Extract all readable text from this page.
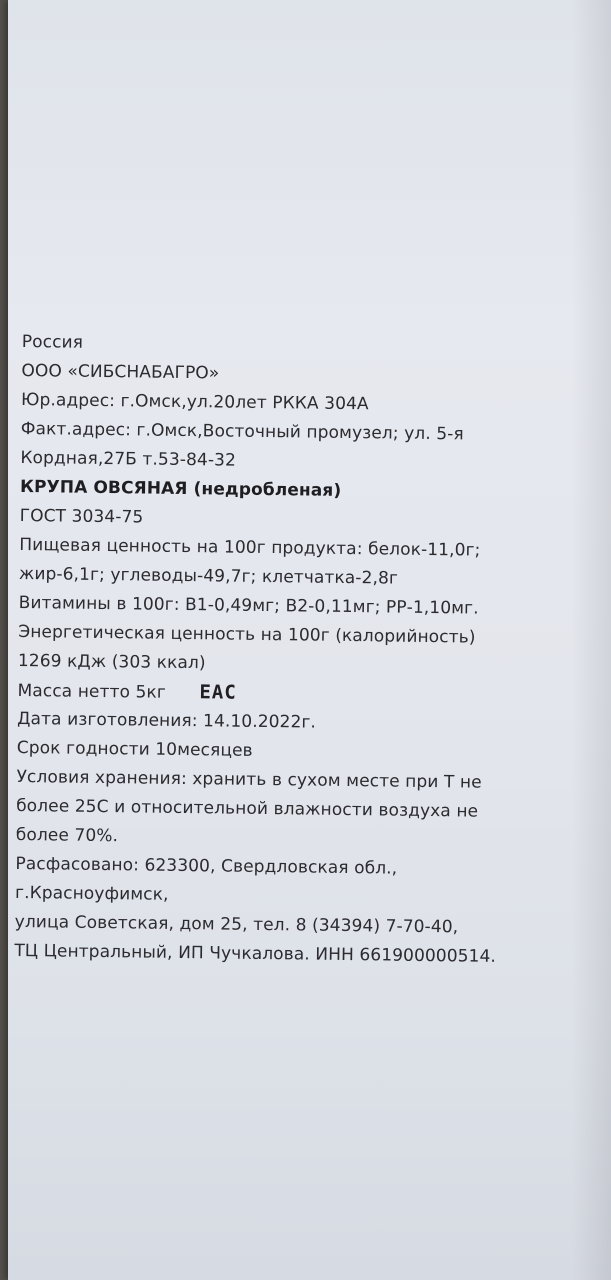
Россия
ООО «СИБСНАБАГРО»
Юр.адрес: г.Омск,ул.20лет РККА 304А
Факт.адрес: г.Омск,Восточный промузел; ул. 5-я
Кордная,27Б т.53-84-32
КРУПА ОВСЯНАЯ (недробленая)
ГОСТ 3034-75
Пищевая ценность на 100г продукта: белок-11,0г;
жир-6,1г; углеводы-49,7г; клетчатка-2,8г
Витамины в 100г: В1-0,49мг; В2-0,11мг; РР-1,10мг.
Энергетическая ценность на 100г (калорийность)
1269 кДж (303 ккал)
Масса нетто 5кг ЕАС
Дата изготовления: 14.10.2022г.
Срок годности 10месяцев
Условия хранения: хранить в сухом месте при Т не
более 25С и относительной влажности воздуха не
более 70%.
Расфасовано: 623300, Свердловская обл.,
г.Красноуфимск,
улица Советская, дом 25, тел. 8 (34394) 7-70-40,
ТЦ Центральный, ИП Чучкалова. ИНН 661900000514.
